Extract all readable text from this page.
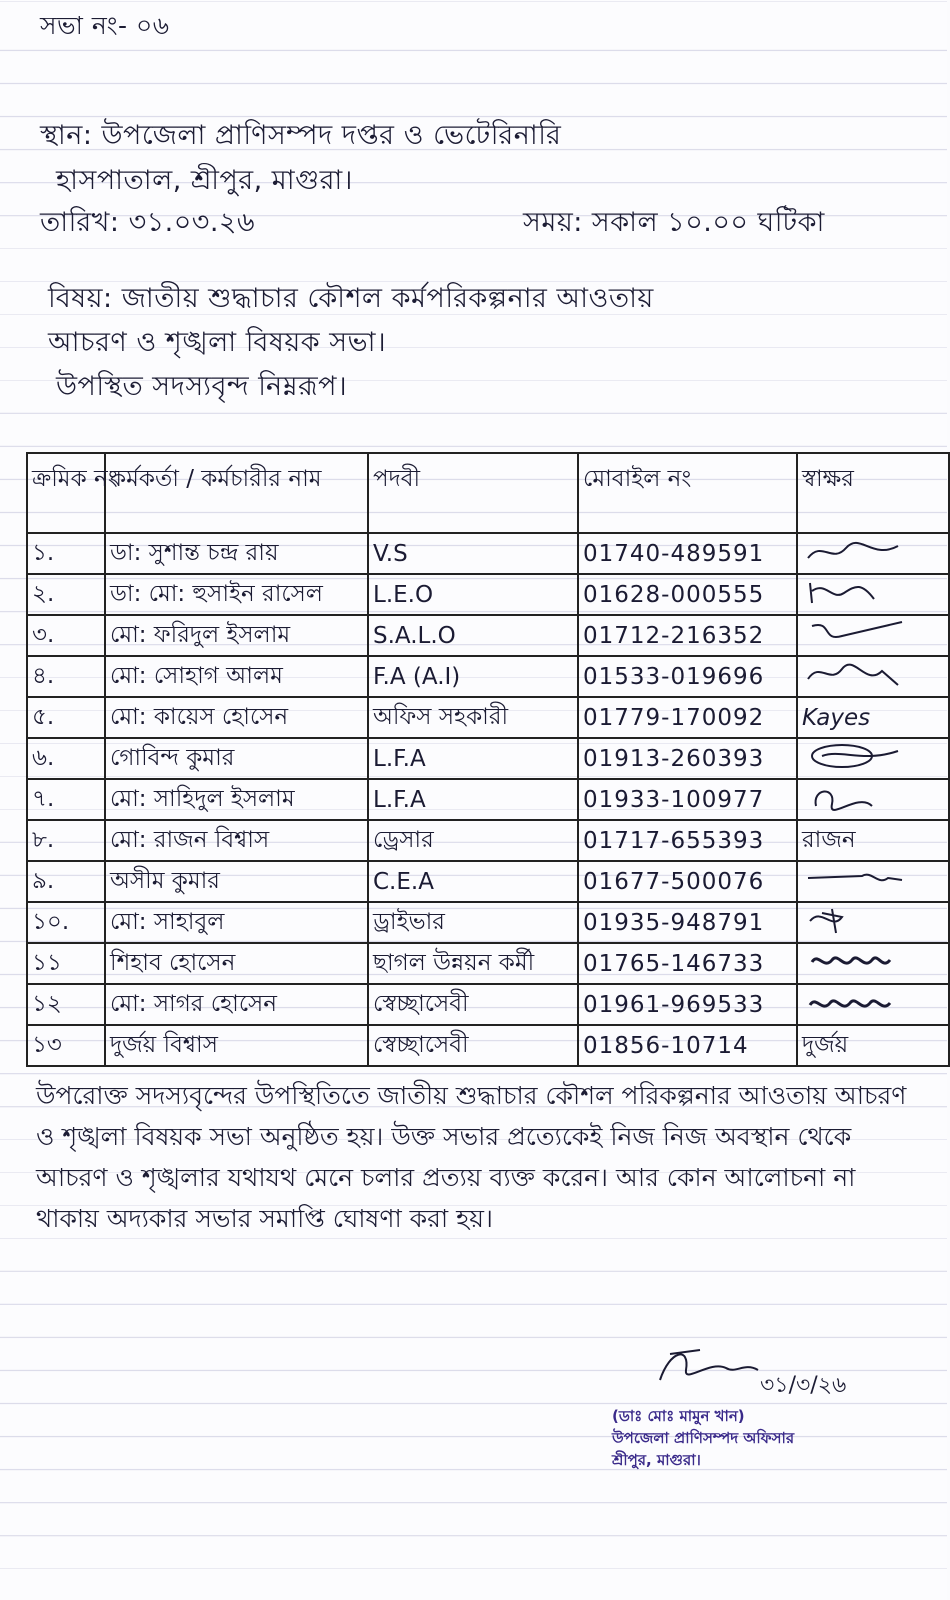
সভা নং- ০৬
স্থান: উপজেলা প্রাণিসম্পদ দপ্তর ও ভেটেরিনারি
হাসপাতাল, শ্রীপুর, মাগুরা।
তারিখ: ৩১.০৩.২৬	সময়: সকাল ১০.০০ ঘটিকা
বিষয়: জাতীয় শুদ্ধাচার কৌশল কর্মপরিকল্পনার আওতায়
আচরণ ও শৃঙ্খলা বিষয়ক সভা।
উপস্থিত সদস্যবৃন্দ নিম্নরূপ।
ক্রমিক নং	কর্মকর্তা / কর্মচারীর নাম	পদবী	মোবাইল নং	স্বাক্ষর
১.	ডা: সুশান্ত চন্দ্র রায়	V.S	01740-489591	
২.	ডা: মো: হুসাইন রাসেল	L.E.O	01628-000555	
৩.	মো: ফরিদুল ইসলাম	S.A.L.O	01712-216352	
৪.	মো: সোহাগ আলম	F.A (A.I)	01533-019696	
৫.	মো: কায়েস হোসেন	অফিস সহকারী	01779-170092	Kayes
৬.	গোবিন্দ কুমার	L.F.A	01913-260393	
৭.	মো: সাহিদুল ইসলাম	L.F.A	01933-100977	
৮.	মো: রাজন বিশ্বাস	ড্রেসার	01717-655393	রাজন
৯.	অসীম কুমার	C.E.A	01677-500076	
১০.	মো: সাহাবুল	ড্রাইভার	01935-948791	
১১	শিহাব হোসেন	ছাগল উন্নয়ন কর্মী	01765-146733	
১২	মো: সাগর হোসেন	স্বেচ্ছাসেবী	01961-969533	
১৩	দুর্জয় বিশ্বাস	স্বেচ্ছাসেবী	01856-10714	দুর্জয়
উপরোক্ত সদস্যবৃন্দের উপস্থিতিতে জাতীয় শুদ্ধাচার কৌশল পরিকল্পনার আওতায় আচরণ ও শৃঙ্খলা বিষয়ক সভা অনুষ্ঠিত হয়। উক্ত সভার প্রত্যেকেই নিজ নিজ অবস্থান থেকে আচরণ ও শৃঙ্খলার যথাযথ মেনে চলার প্রত্যয় ব্যক্ত করেন। আর কোন আলোচনা না থাকায় অদ্যকার সভার সমাপ্তি ঘোষণা করা হয়।
৩১/৩/২৬
(ডাঃ মোঃ মামুন খান)
উপজেলা প্রাণিসম্পদ অফিসার
শ্রীপুর, মাগুরা।
